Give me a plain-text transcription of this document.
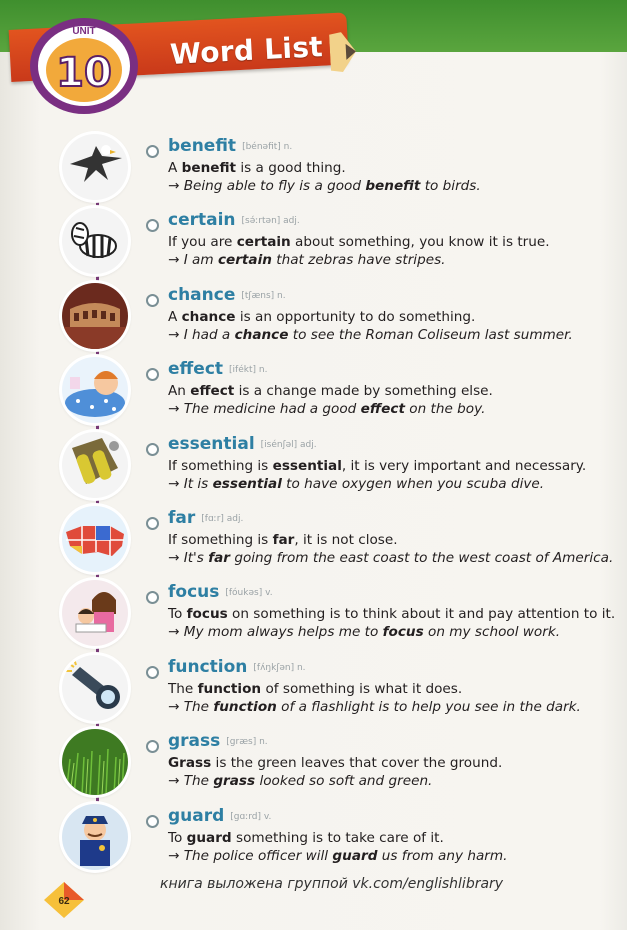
Word List
UNIT
10
benefit [bénəfit] n.
A benefit is a good thing.
→ Being able to fly is a good benefit to birds.
certain [sə́ːrtən] adj.
If you are certain about something, you know it is true.
→ I am certain that zebras have stripes.
chance [tʃæns] n.
A chance is an opportunity to do something.
→ I had a chance to see the Roman Coliseum last summer.
effect [ifékt] n.
An effect is a change made by something else.
→ The medicine had a good effect on the boy.
essential [isénʃəl] adj.
If something is essential, it is very important and necessary.
→ It is essential to have oxygen when you scuba dive.
far [fɑːr] adj.
If something is far, it is not close.
→ It's far going from the east coast to the west coast of America.
focus [fóukəs] v.
To focus on something is to think about it and pay attention to it.
→ My mom always helps me to focus on my school work.
function [fʌ́ŋkʃən] n.
The function of something is what it does.
→ The function of a flashlight is to help you see in the dark.
grass [græs] n.
Grass is the green leaves that cover the ground.
→ The grass looked so soft and green.
guard [gɑːrd] v.
To guard something is to take care of it.
→ The police officer will guard us from any harm.
книга выложена группой vk.com/englishlibrary
62
